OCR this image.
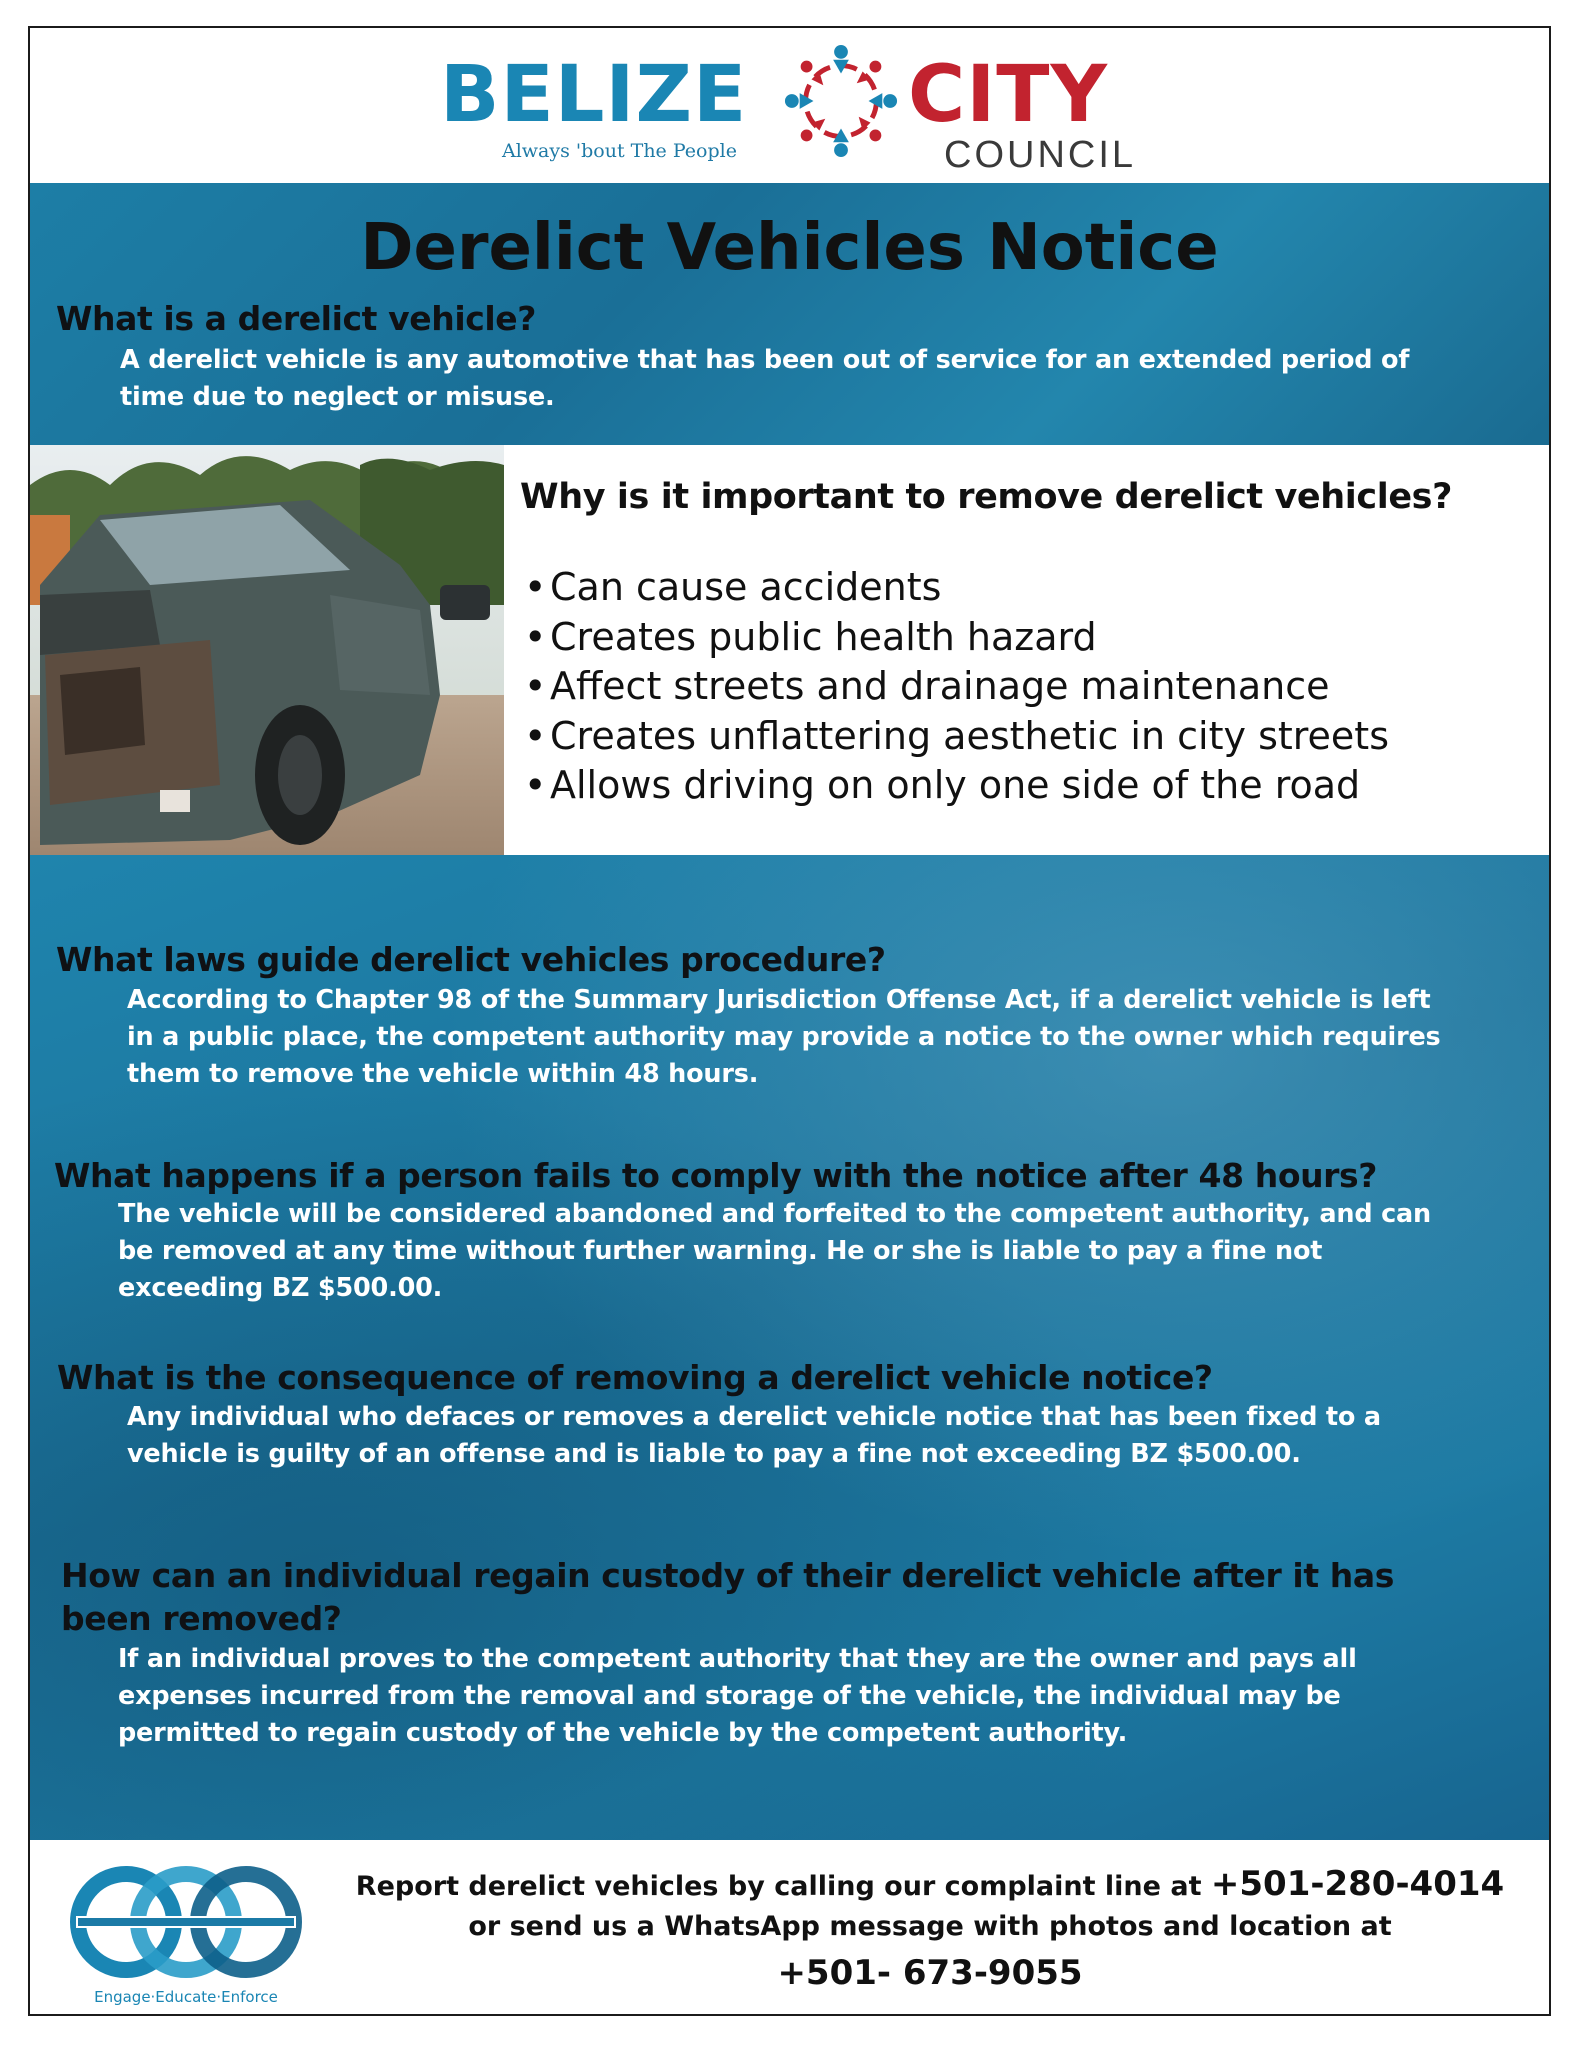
BELIZE
Always 'bout The People
CITY
COUNCIL
Derelict Vehicles Notice
What is a derelict vehicle?
A derelict vehicle is any automotive that has been out of service for an extended period of
time due to neglect or misuse.
Why is it important to remove derelict vehicles?
•Can cause accidents
•Creates public health hazard
•Affect streets and drainage maintenance
•Creates unflattering aesthetic in city streets
•Allows driving on only one side of the road
What laws guide derelict vehicles procedure?
According to Chapter 98 of the Summary Jurisdiction Offense Act, if a derelict vehicle is left
in a public place, the competent authority may provide a notice to the owner which requires
them to remove the vehicle within 48 hours.
What happens if a person fails to comply with the notice after 48 hours?
The vehicle will be considered abandoned and forfeited to the competent authority, and can
be removed at any time without further warning. He or she is liable to pay a fine not
exceeding BZ $500.00.
What is the consequence of removing a derelict vehicle notice?
Any individual who defaces or removes a derelict vehicle notice that has been fixed to a
vehicle is guilty of an offense and is liable to pay a fine not exceeding BZ $500.00.
How can an individual regain custody of their derelict vehicle after it has
been removed?
If an individual proves to the competent authority that they are the owner and pays all
expenses incurred from the removal and storage of the vehicle, the individual may be
permitted to regain custody of the vehicle by the competent authority.
Engage·Educate·Enforce
Report derelict vehicles by calling our complaint line at +501-280-4014
or send us a WhatsApp message with photos and location at
+501- 673-9055
